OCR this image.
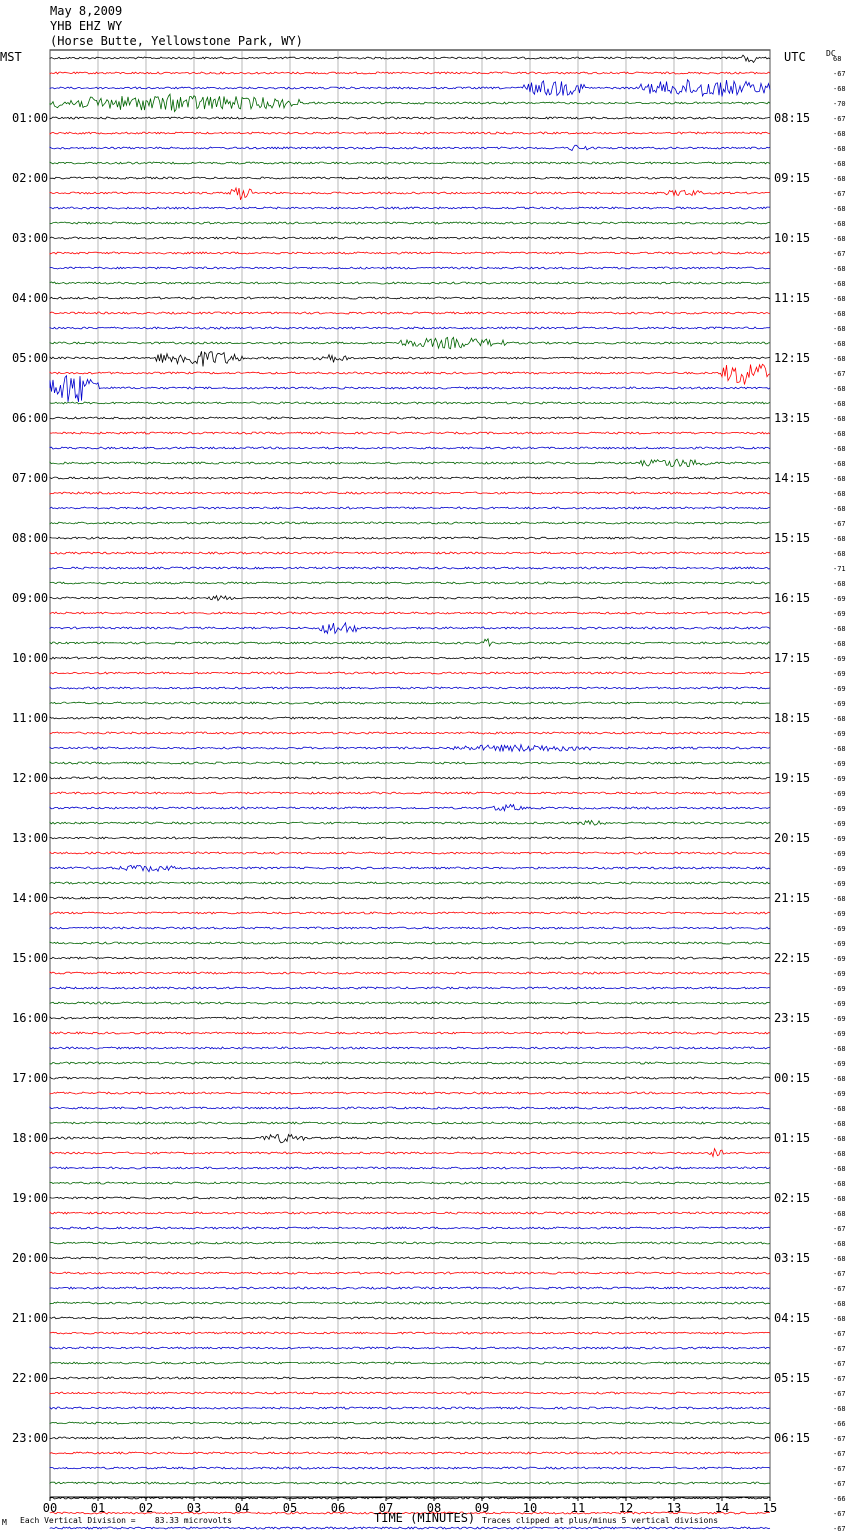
May 8,2009
YHB EHZ WY
(Horse Butte, Yellowstone Park, WY)
MST	UTC	DC
00	01	02	03	04	05	06	07	08	09	10	11	12	13	14	15
68
-67
-68
-70
-67
-68
-68
-68
-68
-67
-68
-68
-68
-67
-68
-68
-68
-68
-68
-68
-68
-67
-68
-68
-68
-68
-68
-68
-68
-68
-68
-67
-68
-68
-71
-68
-69
-69
-68
-68
-69
-69
-69
-69
-68
-69
-68
-69
-69
-69
-69
-69
-69
-69
-69
-69
-68
-69
-69
-69
-69
-69
-69
-69
-69
-69
-68
-69
-68
-69
-68
-68
-68
-68
-68
-68
-68
-68
-67
-68
-68
-67
-67
-68
-68
-67
-67
-67
-67
-67
-68
-66
-67
-67
-67
-67
-66
-67
-67
01:00
02:00
03:00
04:00
05:00
06:00
07:00
08:00
09:00
10:00
11:00
12:00
13:00
14:00
15:00
16:00
17:00
18:00
19:00
20:00
21:00
22:00
23:00
08:15
09:15
10:15
11:15
12:15
13:15
14:15
15:15
16:15
17:15
18:15
19:15
20:15
21:15
22:15
23:15
00:15
01:15
02:15
03:15
04:15
05:15
06:15
TIME (MINUTES)
Each Vertical Division =    83.33 microvolts	Traces clipped at plus/minus 5 vertical divisions
M
